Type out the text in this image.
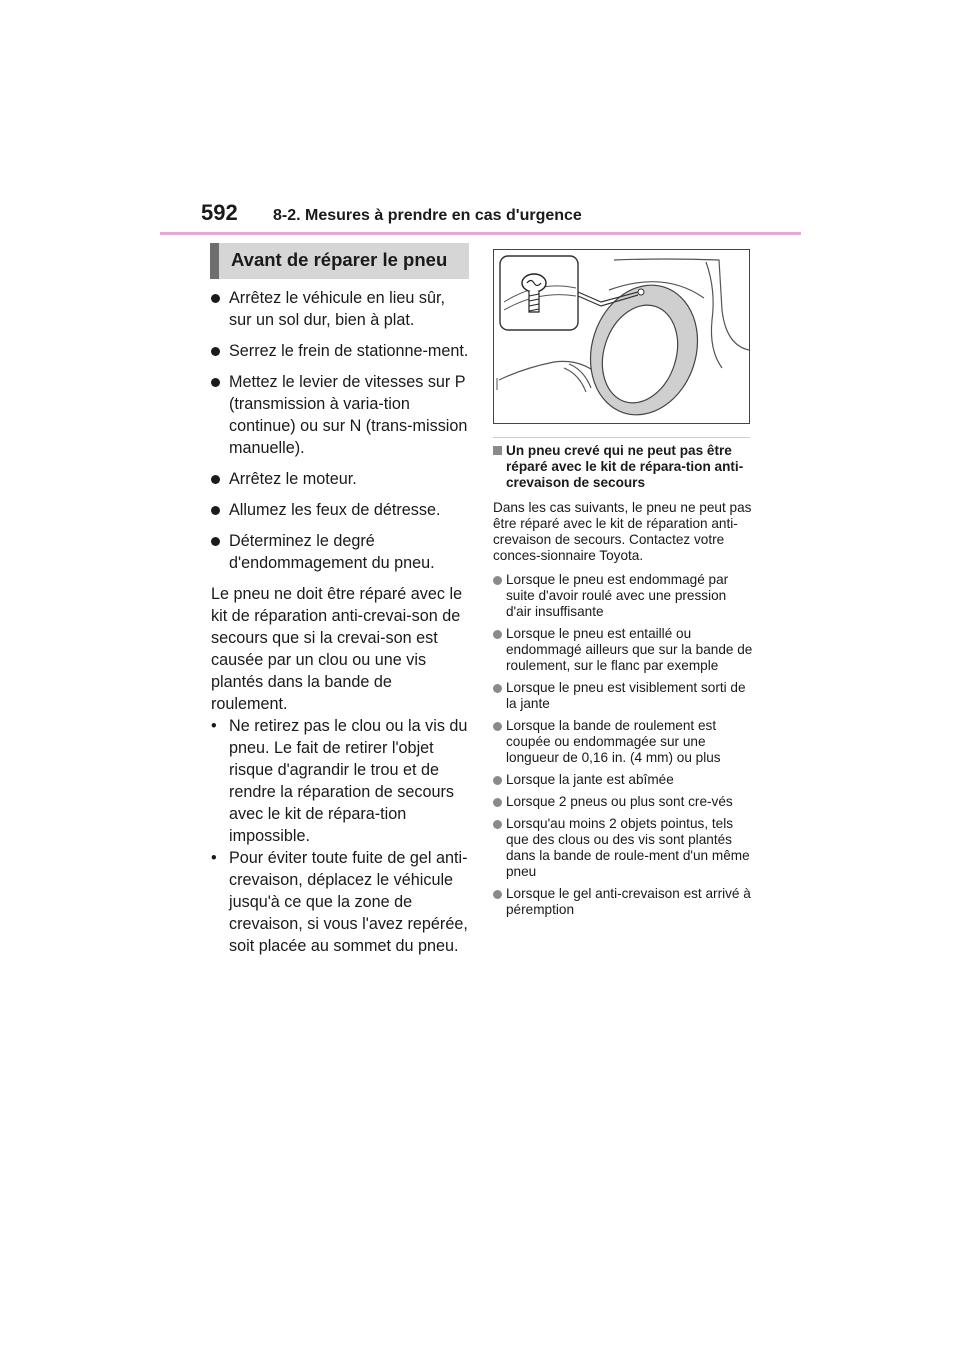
592 8-2. Mesures à prendre en cas d'urgence
Avant de réparer le pneu
Arrêtez le véhicule en lieu sûr, sur un sol dur, bien à plat.
Serrez le frein de stationne-ment.
Mettez le levier de vitesses sur P (transmission à varia-tion continue) ou sur N (trans-mission manuelle).
Arrêtez le moteur.
Allumez les feux de détresse.
Déterminez le degré d'endommagement du pneu.
Le pneu ne doit être réparé avec le kit de réparation anti-crevai-son de secours que si la crevai-son est causée par un clou ou une vis plantés dans la bande de roulement.
• Ne retirez pas le clou ou la vis du pneu. Le fait de retirer l'objet risque d'agrandir le trou et de rendre la réparation de secours avec le kit de répara-tion impossible.
• Pour éviter toute fuite de gel anti-crevaison, déplacez le véhicule jusqu'à ce que la zone de crevaison, si vous l'avez repérée, soit placée au sommet du pneu.
Un pneu crevé qui ne peut pas être réparé avec le kit de répara-tion anti-crevaison de secours
Dans les cas suivants, le pneu ne peut pas être réparé avec le kit de réparation anti-crevaison de secours. Contactez votre conces-sionnaire Toyota.
Lorsque le pneu est endommagé par suite d'avoir roulé avec une pression d'air insuffisante
Lorsque le pneu est entaillé ou endommagé ailleurs que sur la bande de roulement, sur le flanc par exemple
Lorsque le pneu est visiblement sorti de la jante
Lorsque la bande de roulement est coupée ou endommagée sur une longueur de 0,16 in. (4 mm) ou plus
Lorsque la jante est abîmée
Lorsque 2 pneus ou plus sont cre-vés
Lorsqu'au moins 2 objets pointus, tels que des clous ou des vis sont plantés dans la bande de roule-ment d'un même pneu
Lorsque le gel anti-crevaison est arrivé à péremption
